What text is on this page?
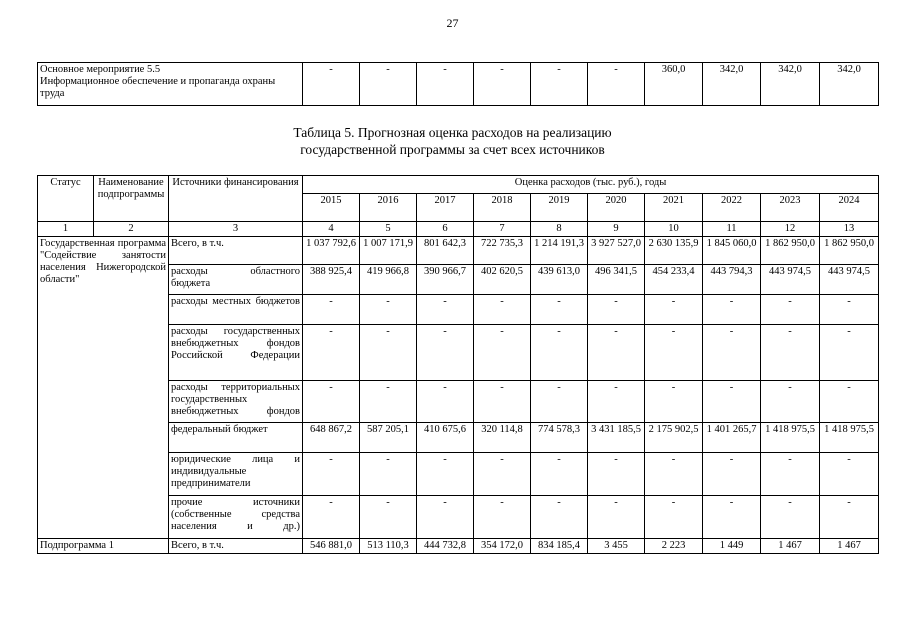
27
Основное мероприятие 5.5
Информационное обеспечение и пропаганда охраны труда
	-	-	-	-	-	-	360,0	342,0	342,0	342,0
Таблица 5. Прогнозная оценка расходов на реализацию
государственной программы за счет всех источников
Статус	Наименование подпрограммы	Источники финансирования	Оценка расходов (тыс. руб.), годы									
			2015	2016	2017	2018	2019	2020	2021	2022	2023	2024
1	2	3	4	5	6	7	8	9	10	11	12	13
Государственная программа "Содействие занятости населения Нижегородской области"		Всего, в т.ч.	1 037 792,6	1 007 171,9	801 642,3	722 735,3	1 214 191,3	3 927 527,0	2 630 135,9	1 845 060,0	1 862 950,0	1 862 950,0
		расходы областного бюджета	388 925,4	419 966,8	390 966,7	402 620,5	439 613,0	496 341,5	454 233,4	443 794,3	443 974,5	443 974,5
		расходы местных бюджетов	-	-	-	-	-	-	-	-	-	-
		расходы государственных внебюджетных фондов Российской Федерации	-	-	-	-	-	-	-	-	-	-
		расходы территориальных государственных внебюджетных фондов	-	-	-	-	-	-	-	-	-	-
		федеральный бюджет	648 867,2	587 205,1	410 675,6	320 114,8	774 578,3	3 431 185,5	2 175 902,5	1 401 265,7	1 418 975,5	1 418 975,5
		юридические лица и индивидуальные предприниматели	-	-	-	-	-	-	-	-	-	-
		прочие источники (собственные средства населения и др.)	-	-	-	-	-	-	-	-	-	-
Подпрограмма 1		Всего, в т.ч.	546 881,0	513 110,3	444 732,8	354 172,0	834 185,4	3 455	2 223	1 449	1 467	1 467
